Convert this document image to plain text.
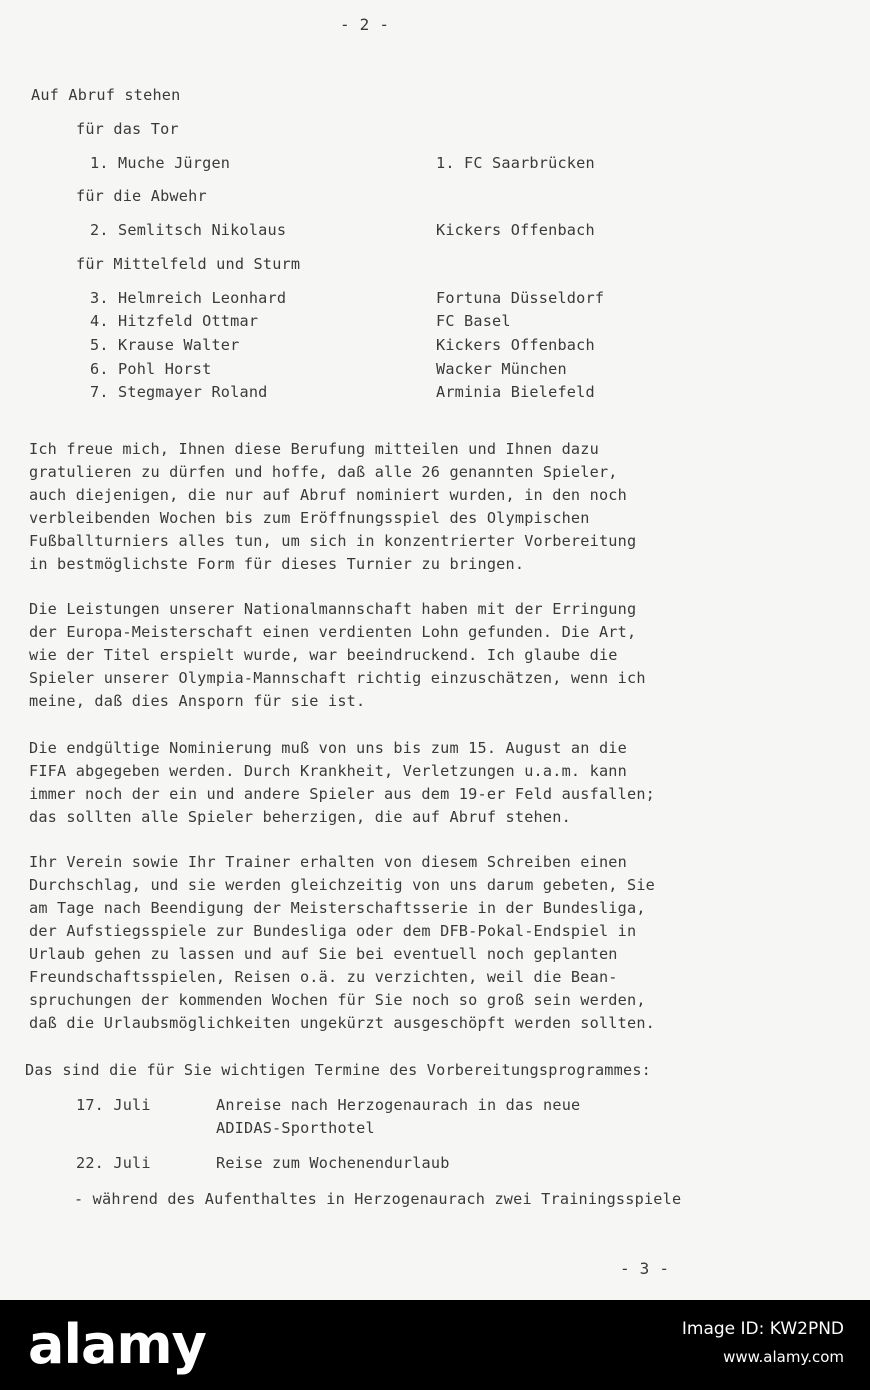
- 2 -
Auf Abruf stehen
für das Tor
1. Muche Jürgen	1. FC Saarbrücken
für die Abwehr
2. Semlitsch Nikolaus	Kickers Offenbach
für Mittelfeld und Sturm
3. Helmreich Leonhard	Fortuna Düsseldorf
4. Hitzfeld Ottmar	FC Basel
5. Krause Walter	Kickers Offenbach
6. Pohl Horst	Wacker München
7. Stegmayer Roland	Arminia Bielefeld
Ich freue mich, Ihnen diese Berufung mitteilen und Ihnen dazu
gratulieren zu dürfen und hoffe, daß alle 26 genannten Spieler,
auch diejenigen, die nur auf Abruf nominiert wurden, in den noch
verbleibenden Wochen bis zum Eröffnungsspiel des Olympischen
Fußballturniers alles tun, um sich in konzentrierter Vorbereitung
in bestmöglichste Form für dieses Turnier zu bringen.
Die Leistungen unserer Nationalmannschaft haben mit der Erringung
der Europa-Meisterschaft einen verdienten Lohn gefunden. Die Art,
wie der Titel erspielt wurde, war beeindruckend. Ich glaube die
Spieler unserer Olympia-Mannschaft richtig einzuschätzen, wenn ich
meine, daß dies Ansporn für sie ist.
Die endgültige Nominierung muß von uns bis zum 15. August an die
FIFA abgegeben werden. Durch Krankheit, Verletzungen u.a.m. kann
immer noch der ein und andere Spieler aus dem 19-er Feld ausfallen;
das sollten alle Spieler beherzigen, die auf Abruf stehen.
Ihr Verein sowie Ihr Trainer erhalten von diesem Schreiben einen
Durchschlag, und sie werden gleichzeitig von uns darum gebeten, Sie
am Tage nach Beendigung der Meisterschaftsserie in der Bundesliga,
der Aufstiegsspiele zur Bundesliga oder dem DFB-Pokal-Endspiel in
Urlaub gehen zu lassen und auf Sie bei eventuell noch geplanten
Freundschaftsspielen, Reisen o.ä. zu verzichten, weil die Bean-
spruchungen der kommenden Wochen für Sie noch so groß sein werden,
daß die Urlaubsmöglichkeiten ungekürzt ausgeschöpft werden sollten.
Das sind die für Sie wichtigen Termine des Vorbereitungsprogrammes:
17. Juli	Anreise nach Herzogenaurach in das neue
ADIDAS-Sporthotel
22. Juli	Reise zum Wochenendurlaub
- während des Aufenthaltes in Herzogenaurach zwei Trainingsspiele
- 3 -
alamy	Image ID: KW2PND
www.alamy.com
